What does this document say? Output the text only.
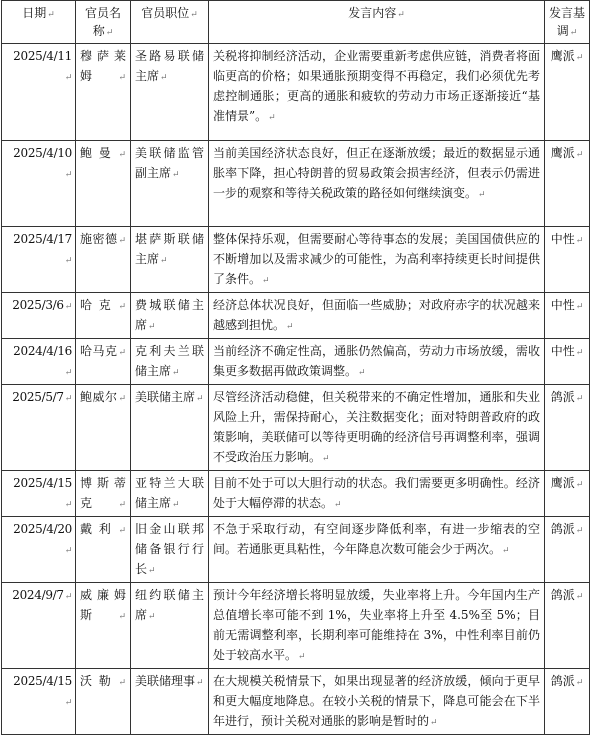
日期↵	官员名称↵	官员职位↵	发言内容↵	发言基调↵
2025/4/11↵	穆萨莱姆↵	圣路易联储主席↵	关税将抑制经济活动，企业需要重新考虑供应链，消费者将面临更高的价格；如果通胀预期变得不再稳定，我们必须优先考虑控制通胀；更高的通胀和疲软的劳动力市场正逐渐接近“基准情景”。↵	鹰派↵
2025/4/10↵	鲍曼↵	美联储监管副主席↵	当前美国经济状态良好，但正在逐渐放缓；最近的数据显示通胀率下降，担心特朗普的贸易政策会损害经济，但表示仍需进一步的观察和等待关税政策的路径如何继续演变。↵	鹰派↵
2025/4/17↵	施密德↵	堪萨斯联储主席↵	整体保持乐观，但需要耐心等待事态的发展；美国国债供应的不断增加以及需求减少的可能性，为高利率持续更长时间提供了条件。↵	中性↵
2025/3/6↵	哈克↵	费城联储主席↵	经济总体状况良好，但面临一些威胁；对政府赤字的状况越来越感到担忧。↵	中性↵
2024/4/16↵	哈马克↵	克利夫兰联储主席↵	当前经济不确定性高，通胀仍然偏高，劳动力市场放缓，需收集更多数据再做政策调整。↵	中性↵
2025/5/7↵	鲍威尔↵	美联储主席↵	尽管经济活动稳健，但关税带来的不确定性增加，通胀和失业风险上升，需保持耐心，关注数据变化；面对特朗普政府的政策影响，美联储可以等待更明确的经济信号再调整利率，强调不受政治压力影响。↵	鸽派↵
2025/4/15↵	博斯蒂克↵	亚特兰大联储主席↵	目前不处于可以大胆行动的状态。我们需要更多明确性。经济处于大幅停滞的状态。↵	鹰派↵
2025/4/20↵	戴利↵	旧金山联邦储备银行行长↵	不急于采取行动，有空间逐步降低利率，有进一步缩表的空间。若通胀更具粘性，今年降息次数可能会少于两次。↵	鸽派↵
2024/9/7↵	威廉姆斯↵	纽约联储主席↵	预计今年经济增长将明显放缓，失业率将上升。今年国内生产总值增长率可能不到 1%，失业率将上升至 4.5%至 5%；目前无需调整利率，长期利率可能维持在 3%，中性利率目前仍处于较高水平。↵	鸽派↵
2025/4/15↵	沃勒↵	美联储理事↵	在大规模关税情景下，如果出现显著的经济放缓，倾向于更早和更大幅度地降息。在较小关税的情景下，降息可能会在下半年进行，预计关税对通胀的影响是暂时的↵	鸽派↵
